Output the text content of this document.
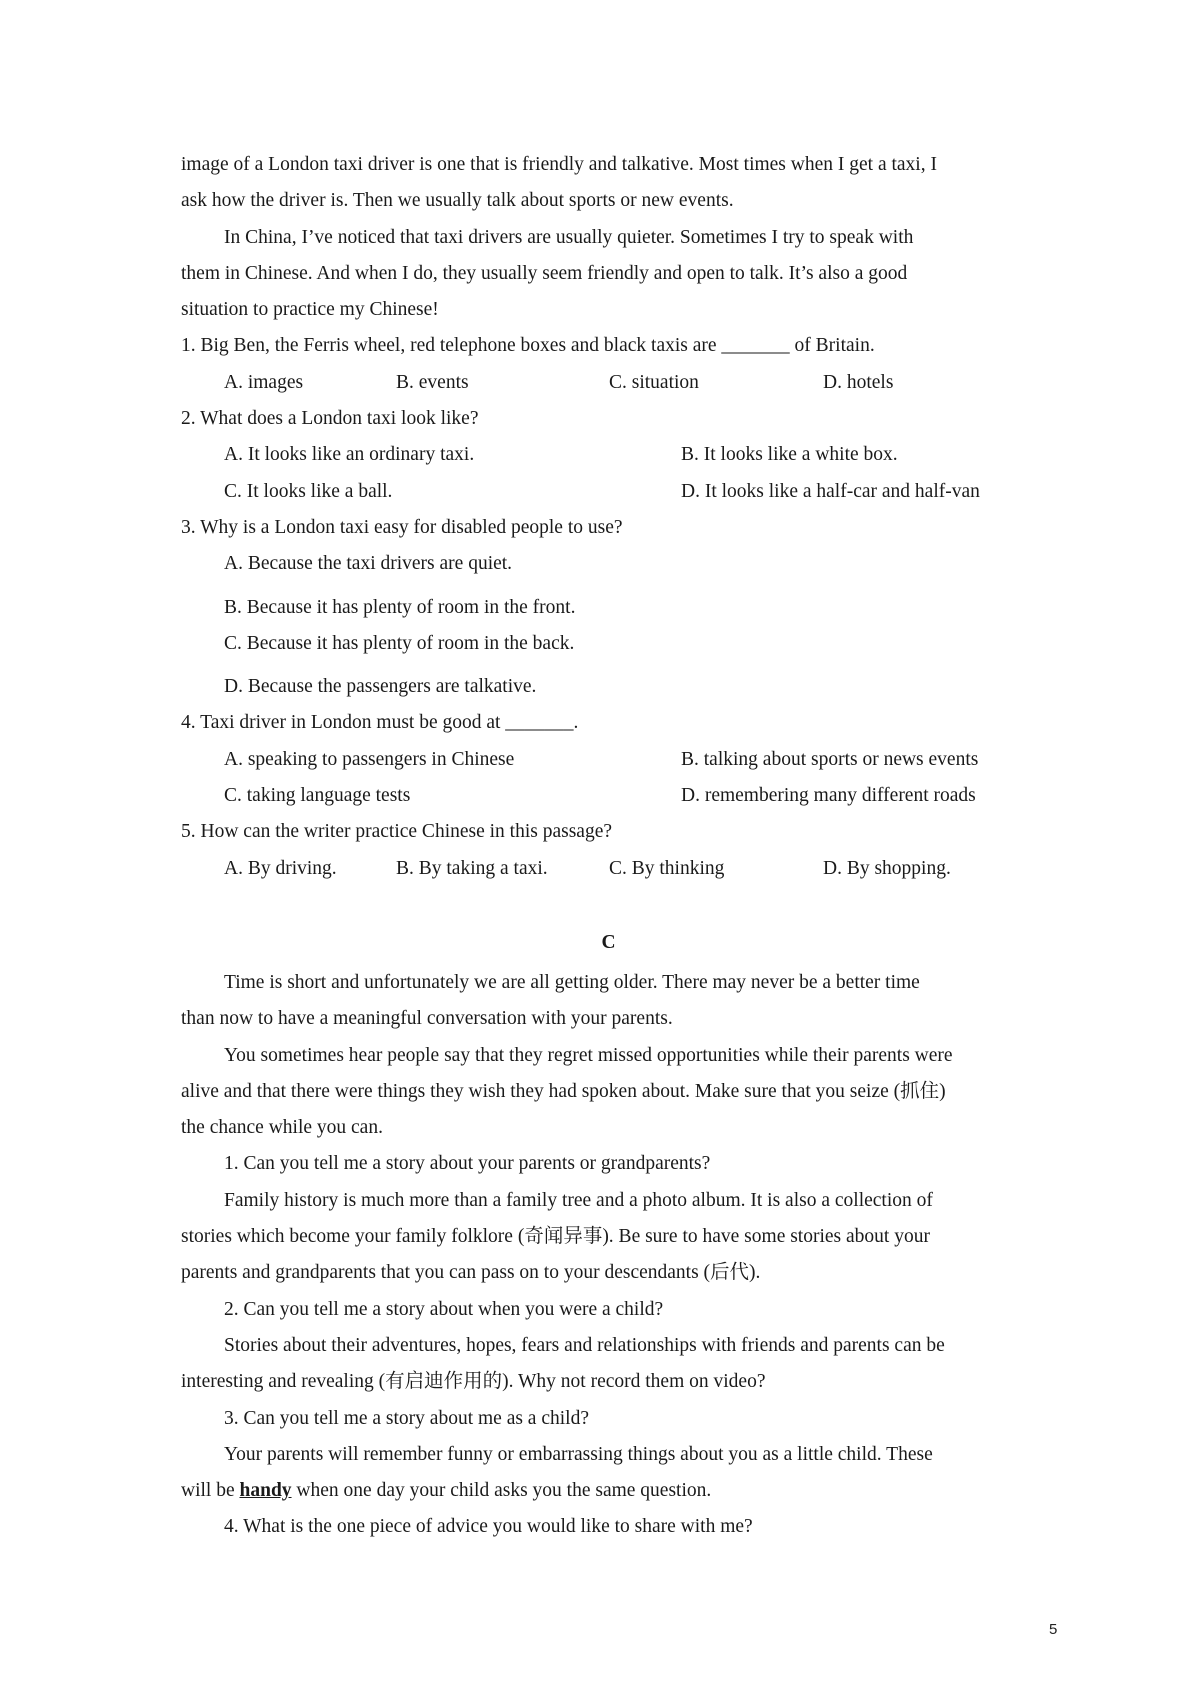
image of a London taxi driver is one that is friendly and talkative. Most times when I get a taxi, I
ask how the driver is. Then we usually talk about sports or new events.
In China, I’ve noticed that taxi drivers are usually quieter. Sometimes I try to speak with
them in Chinese. And when I do, they usually seem friendly and open to talk. It’s also a good
situation to practice my Chinese!
1. Big Ben, the Ferris wheel, red telephone boxes and black taxis are _______ of Britain.
A. images	B. events	C. situation	D. hotels
2. What does a London taxi look like?
A. It looks like an ordinary taxi.	B. It looks like a white box.
C. It looks like a ball.	D. It looks like a half-car and half-van
3. Why is a London taxi easy for disabled people to use?
A. Because the taxi drivers are quiet.
B. Because it has plenty of room in the front.
C. Because it has plenty of room in the back.
D. Because the passengers are talkative.
4. Taxi driver in London must be good at _______.
A. speaking to passengers in Chinese	B. talking about sports or news events
C. taking language tests	D. remembering many different roads
5. How can the writer practice Chinese in this passage?
A. By driving.	B. By taking a taxi.	C. By thinking	D. By shopping.
C
Time is short and unfortunately we are all getting older. There may never be a better time
than now to have a meaningful conversation with your parents.
You sometimes hear people say that they regret missed opportunities while their parents were
alive and that there were things they wish they had spoken about. Make sure that you seize (抓住)
the chance while you can.
1. Can you tell me a story about your parents or grandparents?
Family history is much more than a family tree and a photo album. It is also a collection of
stories which become your family folklore (奇闻异事). Be sure to have some stories about your
parents and grandparents that you can pass on to your descendants (后代).
2. Can you tell me a story about when you were a child?
Stories about their adventures, hopes, fears and relationships with friends and parents can be
interesting and revealing (有启迪作用的). Why not record them on video?
3. Can you tell me a story about me as a child?
Your parents will remember funny or embarrassing things about you as a little child. These
will be handy when one day your child asks you the same question.
4. What is the one piece of advice you would like to share with me?
5
